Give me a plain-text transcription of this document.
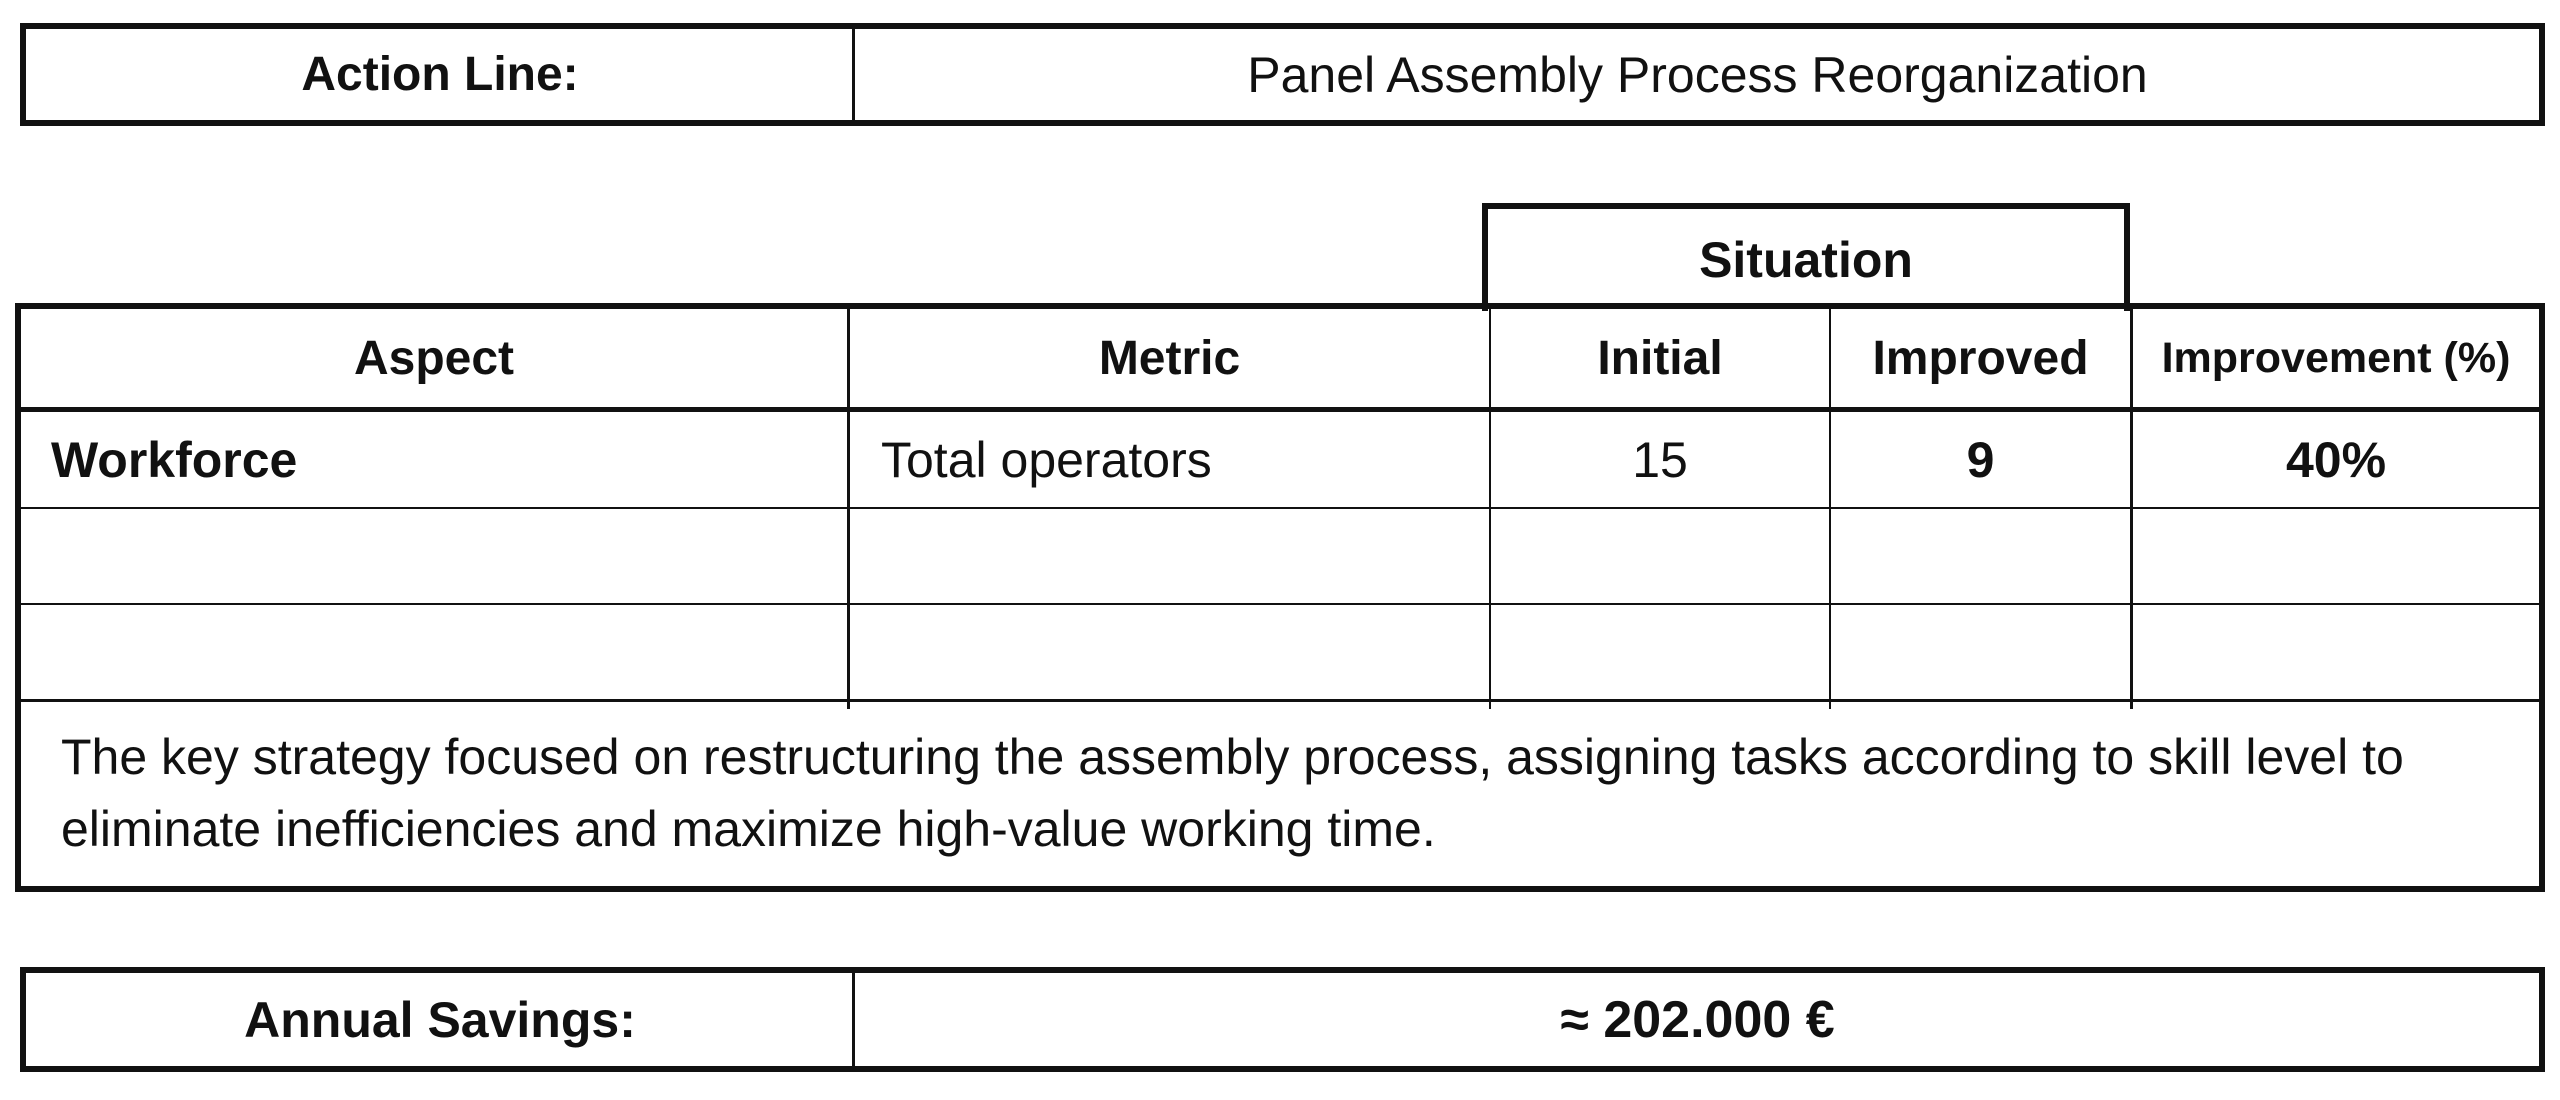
Action Line:	Panel Assembly Process Reorganization
Situation
Aspect	Metric	Initial	Improved	Improvement (%)
Workforce	Total operators	15	9	40%
The key strategy focused on restructuring the assembly process, assigning tasks according to skill level to eliminate inefficiencies and maximize high-value working time.
Annual Savings:	≈ 202.000 €
